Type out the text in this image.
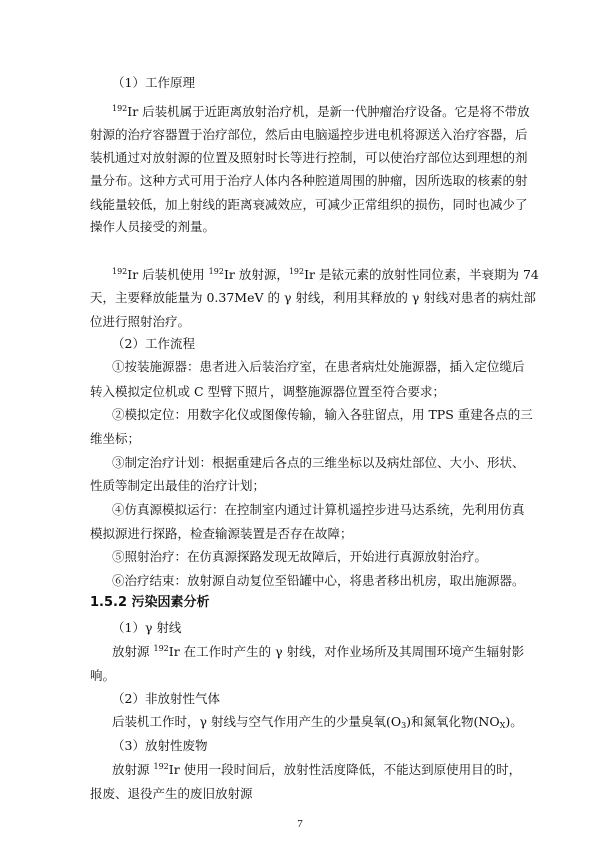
（1）工作原理
$^{192}$Ir 后装机属于近距离放射治疗机，是新一代肿瘤治疗设备。它是将不带放
射源的治疗容器置于治疗部位，然后由电脑遥控步进电机将源送入治疗容器，后
装机通过对放射源的位置及照射时长等进行控制，可以使治疗部位达到理想的剂
量分布。这种方式可用于治疗人体内各种腔道周围的肿瘤，因所选取的核素的射
线能量较低，加上射线的距离衰减效应，可减少正常组织的损伤，同时也减少了
操作人员接受的剂量。
$^{192}$Ir 后装机使用 $^{192}$Ir 放射源，$^{192}$Ir 是铱元素的放射性同位素，半衰期为 74
天，主要释放能量为 0.37MeV 的 γ 射线，利用其释放的 γ 射线对患者的病灶部
位进行照射治疗。
（2）工作流程
①按装施源器：患者进入后装治疗室，在患者病灶处施源器，插入定位缆后
转入模拟定位机或 C 型臂下照片，调整施源器位置至符合要求；
②模拟定位：用数字化仪或图像传输，输入各驻留点，用 TPS 重建各点的三
维坐标；
③制定治疗计划：根据重建后各点的三维坐标以及病灶部位、大小、形状、
性质等制定出最佳的治疗计划；
④仿真源模拟运行：在控制室内通过计算机遥控步进马达系统，先利用仿真
模拟源进行探路，检查输源装置是否存在故障；
⑤照射治疗：在仿真源探路发现无故障后，开始进行真源放射治疗。
⑥治疗结束：放射源自动复位至铅罐中心，将患者移出机房，取出施源器。
1.5.2 污染因素分析
（1）γ 射线
放射源 $^{192}$Ir 在工作时产生的 γ 射线，对作业场所及其周围环境产生辐射影
响。
（2）非放射性气体
后装机工作时，γ 射线与空气作用产生的少量臭氧$(O_3)$和氮氧化物$(NO_X)$。
（3）放射性废物
放射源 $^{192}$Ir 使用一段时间后，放射性活度降低，不能达到原使用目的时，
报废、退役产生的废旧放射源
7
